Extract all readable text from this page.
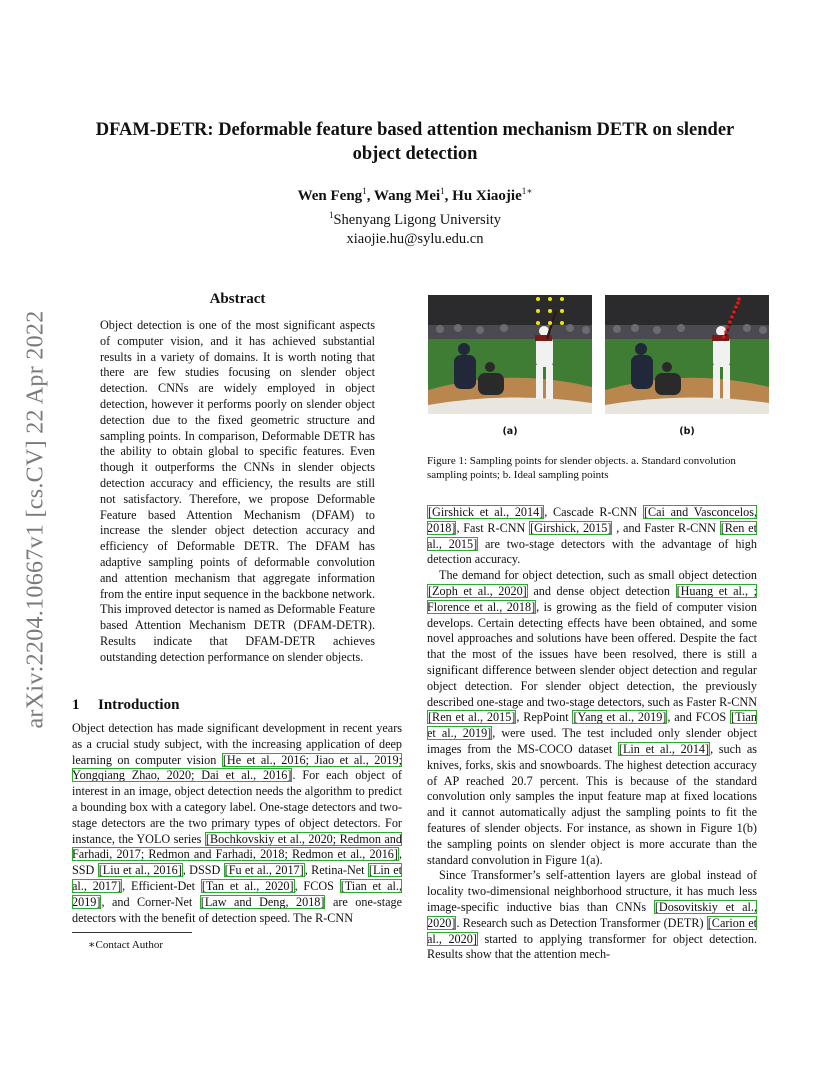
arXiv:2204.10667v1 [cs.CV] 22 Apr 2022
DFAM-DETR: Deformable feature based attention mechanism DETR on slender object detection
Wen Feng$^1$, Wang Mei$^1$, Hu Xiaojie$^{1∗}$
$^1$Shenyang Ligong University
xiaojie.hu@sylu.edu.cn
Abstract

Object detection is one of the most significant aspects of computer vision, and it has achieved substantial results in a variety of domains. It is worth noting that there are few studies focusing on slender object detection. CNNs are widely employed in object detection, however it performs poorly on slender object detection due to the fixed geometric structure and sampling points. In comparison, Deformable DETR has the ability to obtain global to specific features. Even though it outperforms the CNNs in slender objects detection accuracy and efficiency, the results are still not satisfactory. Therefore, we propose Deformable Feature based Attention Mechanism (DFAM) to increase the slender object detection accuracy and efficiency of Deformable DETR. The DFAM has adaptive sampling points of deformable convolution and attention mechanism that aggregate information from the entire input sequence in the backbone network. This improved detector is named as Deformable Feature based Attention Mechanism DETR (DFAM-DETR). Results indicate that DFAM-DETR achieves outstanding detection performance on slender objects.

1 Introduction

Object detection has made significant development in recent years as a crucial study subject, with the increasing application of deep learning on computer vision [He et al., 2016; Jiao et al., 2019; Yongqiang Zhao, 2020; Dai et al., 2016]. For each object of interest in an image, object detection needs the algorithm to predict a bounding box with a category label. One-stage detectors and two-stage detectors are the two primary types of object detectors. For instance, the YOLO series [Bochkovskiy et al., 2020; Redmon and Farhadi, 2017; Redmon and Farhadi, 2018; Redmon et al., 2016], SSD [Liu et al., 2016], DSSD [Fu et al., 2017], Retina-Net [Lin et al., 2017], Efficient-Det [Tan et al., 2020], FCOS [Tian et al., 2019], and Corner-Net [Law and Deng, 2018] are one-stage detectors with the benefit of detection speed. The R-CNN

∗Contact Author
(a)	(b)

Figure 1: Sampling points for slender objects. a. Standard convolution sampling points; b. Ideal sampling points

[Girshick et al., 2014], Cascade R-CNN [Cai and Vasconcelos, 2018], Fast R-CNN [Girshick, 2015] , and Faster R-CNN [Ren et al., 2015] are two-stage detectors with the advantage of high detection accuracy.

The demand for object detection, such as small object detection [Zoph et al., 2020] and dense object detection [Huang et al., ; Florence et al., 2018], is growing as the field of computer vision develops. Certain detecting effects have been obtained, and some novel approaches and solutions have been offered. Despite the fact that the most of the issues have been resolved, there is still a significant difference between slender object detection and regular object detection. For slender object detection, the previously described one-stage and two-stage detectors, such as Faster R-CNN [Ren et al., 2015], RepPoint [Yang et al., 2019], and FCOS [Tian et al., 2019], were used. The test included only slender object images from the MS-COCO dataset [Lin et al., 2014], such as knives, forks, skis and snowboards. The highest detection accuracy of AP reached 20.7 percent. This is because of the standard convolution only samples the input feature map at fixed locations and it cannot automatically adjust the sampling points to fit the features of slender objects. For instance, as shown in Figure 1(b) the sampling points on slender object is more accurate than the standard convolution in Figure 1(a).

Since Transformer’s self-attention layers are global instead of locality two-dimensional neighborhood structure, it has much less image-specific inductive bias than CNNs [Dosovitskiy et al., 2020]. Research such as Detection Transformer (DETR) [Carion et al., 2020] started to applying transformer for object detection. Results show that the attention mech-
